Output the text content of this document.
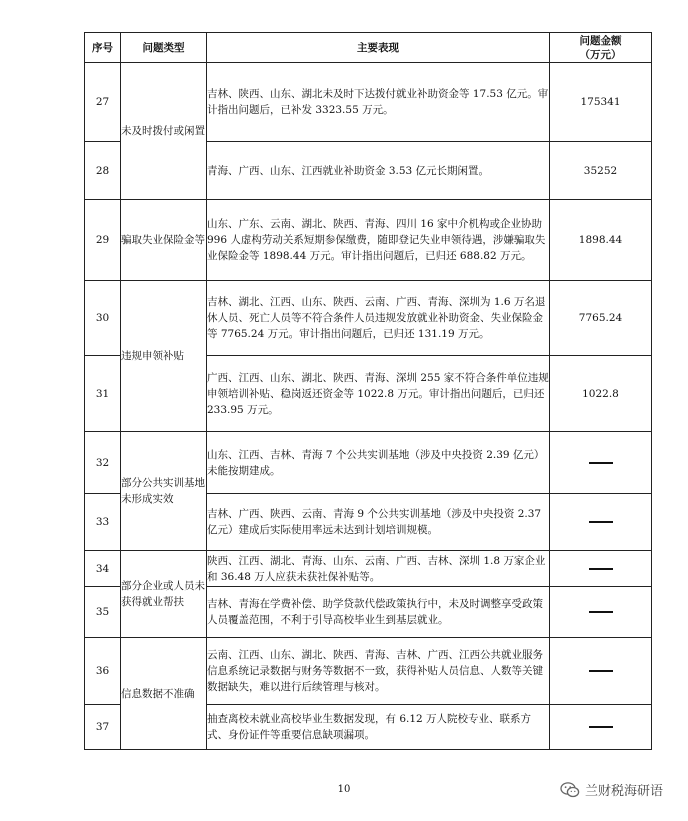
序号	问题类型	主要表现	问题金额
（万元）
27	未及时拨付或闲置	吉林、陕西、山东、湖北未及时下达拨付就业补助资金等 17.53 亿元。审计指出问题后，已补发 3323.55 万元。	175341
28		青海、广西、山东、江西就业补助资金 3.53 亿元长期闲置。	35252
29	骗取失业保险金等	山东、广东、云南、湖北、陕西、青海、四川 16 家中介机构或企业协助 996 人虚构劳动关系短期参保缴费，随即登记失业申领待遇，涉嫌骗取失业保险金等 1898.44 万元。审计指出问题后，已归还 688.82 万元。	1898.44
30	违规申领补贴	吉林、湖北、江西、山东、陕西、云南、广西、青海、深圳为 1.6 万名退休人员、死亡人员等不符合条件人员违规发放就业补助资金、失业保险金等 7765.24 万元。审计指出问题后，已归还 131.19 万元。	7765.24
31		广西、江西、山东、湖北、陕西、青海、深圳 255 家不符合条件单位违规申领培训补贴、稳岗返还资金等 1022.8 万元。审计指出问题后，已归还 233.95 万元。	1022.8
32	部分公共实训基地未形成实效	山东、江西、吉林、青海 7 个公共实训基地（涉及中央投资 2.39 亿元）未能按期建成。	
33		吉林、广西、陕西、云南、青海 9 个公共实训基地（涉及中央投资 2.37 亿元）建成后实际使用率远未达到计划培训规模。	
34	部分企业或人员未获得就业帮扶	陕西、江西、湖北、青海、山东、云南、广西、吉林、深圳 1.8 万家企业和 36.48 万人应获未获社保补贴等。	
35		吉林、青海在学费补偿、助学贷款代偿政策执行中，未及时调整享受政策人员覆盖范围，不利于引导高校毕业生到基层就业。	
36	信息数据不准确	云南、江西、山东、湖北、陕西、青海、吉林、广西、江西公共就业服务信息系统记录数据与财务等数据不一致，获得补贴人员信息、人数等关键数据缺失，难以进行后续管理与核对。	
37		抽查离校未就业高校毕业生数据发现，有 6.12 万人院校专业、联系方式、身份证件等重要信息缺项漏项。	
10	兰财税海研语
